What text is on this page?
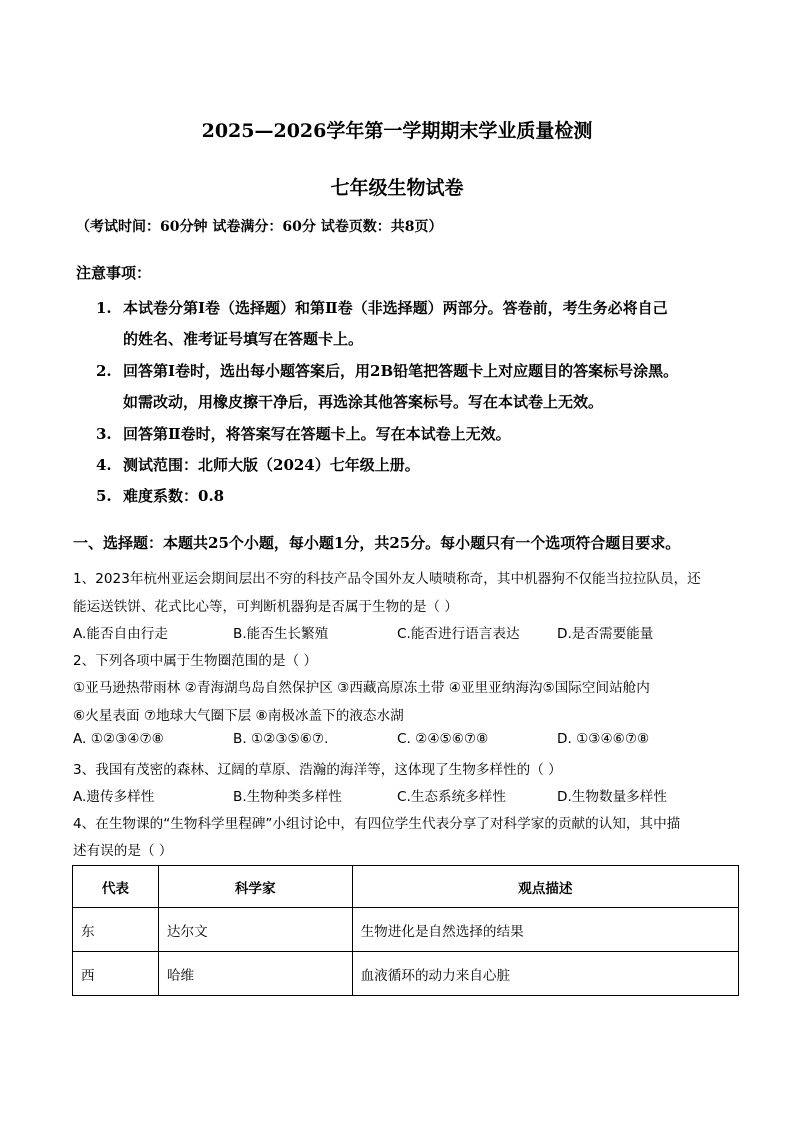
2025—2026学年第一学期期末学业质量检测
七年级生物试卷
（考试时间：60分钟 试卷满分：60分 试卷页数：共8页）
注意事项：
1. 本试卷分第Ⅰ卷（选择题）和第Ⅱ卷（非选择题）两部分。答卷前，考生务必将自己
的姓名、准考证号填写在答题卡上。
2. 回答第Ⅰ卷时，选出每小题答案后，用2B铅笔把答题卡上对应题目的答案标号涂黑。
如需改动，用橡皮擦干净后，再选涂其他答案标号。写在本试卷上无效。
3. 回答第Ⅱ卷时，将答案写在答题卡上。写在本试卷上无效。
4. 测试范围：北师大版（2024）七年级上册。
5. 难度系数：0.8
一、选择题：本题共25个小题，每小题1分，共25分。每小题只有一个选项符合题目要求。
1、2023年杭州亚运会期间层出不穷的科技产品令国外友人啧啧称奇，其中机器狗不仅能当拉拉队员，还
能运送铁饼、花式比心等，可判断机器狗是否属于生物的是（ ）
A.能否自由行走	B.能否生长繁殖	C.能否进行语言表达	D.是否需要能量
2、下列各项中属于生物圈范围的是（ ）
①亚马逊热带雨林 ②青海湖鸟岛自然保护区 ③西藏高原冻土带 ④亚里亚纳海沟⑤国际空间站舱内
⑥火星表面 ⑦地球大气圈下层 ⑧南极冰盖下的液态水湖
A. ①②③④⑦⑧	B. ①②③⑤⑥⑦.	C. ②④⑤⑥⑦⑧	D. ①③④⑥⑦⑧
3、我国有茂密的森林、辽阔的草原、浩瀚的海洋等，这体现了生物多样性的（ ）
A.遗传多样性	B.生物种类多样性	C.生态系统多样性	D.生物数量多样性
4、在生物课的“生物科学里程碑”小组讨论中，有四位学生代表分享了对科学家的贡献的认知，其中描
述有误的是（ ）
代表	科学家	观点描述
东	达尔文	生物进化是自然选择的结果
西	哈维	血液循环的动力来自心脏
